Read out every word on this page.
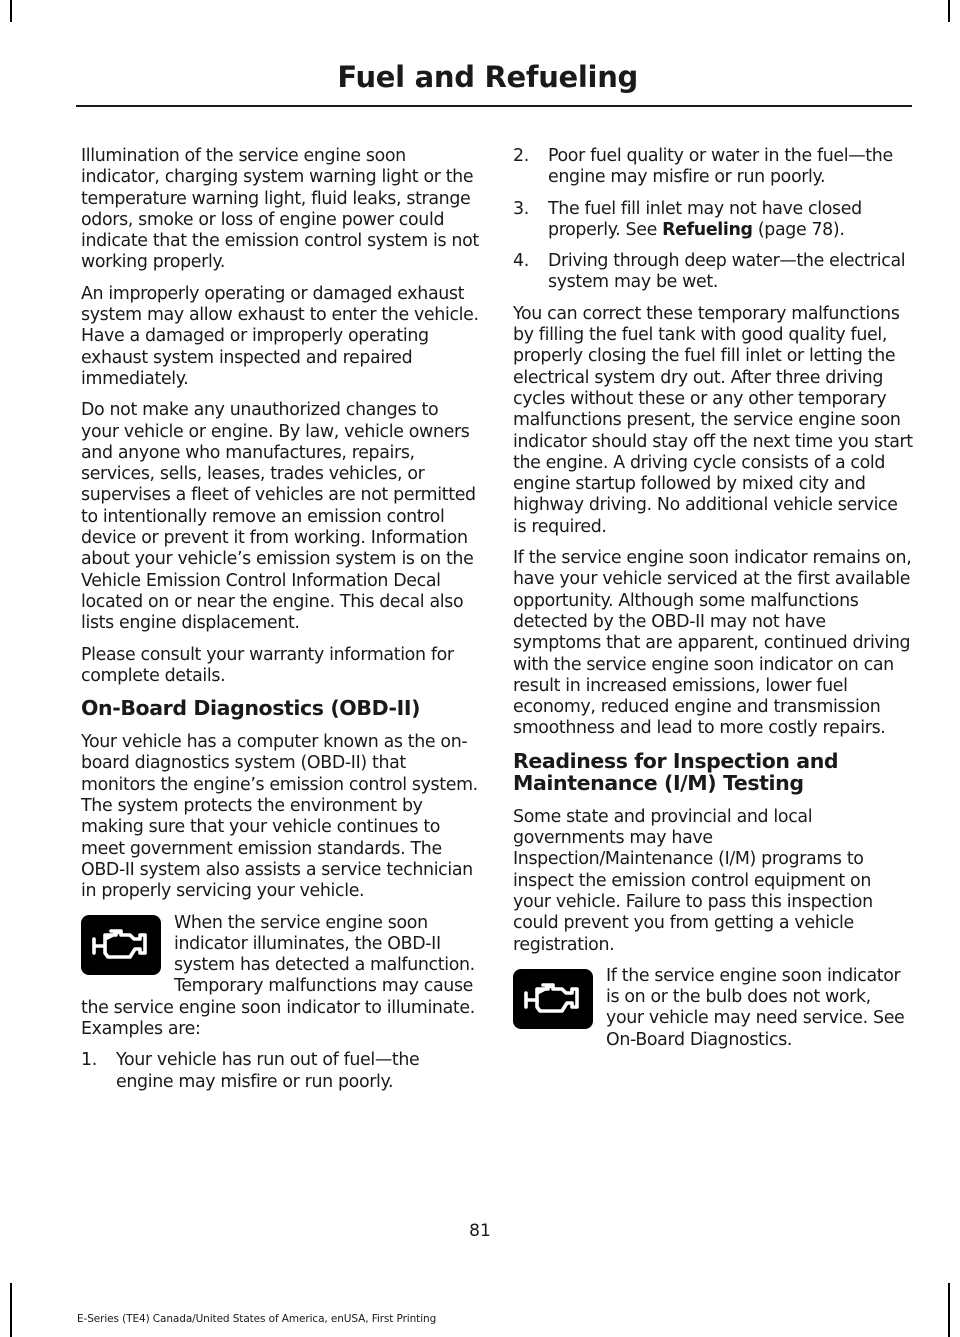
Fuel and Refueling

Illumination of the service engine soon indicator, charging system warning light or the temperature warning light, fluid leaks, strange odors, smoke or loss of engine power could indicate that the emission control system is not working properly.

An improperly operating or damaged exhaust system may allow exhaust to enter the vehicle. Have a damaged or improperly operating exhaust system inspected and repaired immediately.

Do not make any unauthorized changes to your vehicle or engine. By law, vehicle owners and anyone who manufactures, repairs, services, sells, leases, trades vehicles, or supervises a fleet of vehicles are not permitted to intentionally remove an emission control device or prevent it from working. Information about your vehicle’s emission system is on the Vehicle Emission Control Information Decal located on or near the engine. This decal also lists engine displacement.

Please consult your warranty information for complete details.

On-Board Diagnostics (OBD-II)

Your vehicle has a computer known as the on-board diagnostics system (OBD-II) that monitors the engine’s emission control system. The system protects the environment by making sure that your vehicle continues to meet government emission standards. The OBD-II system also assists a service technician in properly servicing your vehicle.

When the service engine soon indicator illuminates, the OBD-II system has detected a malfunction. Temporary malfunctions may cause the service engine soon indicator to illuminate. Examples are:
1.	Your vehicle has run out of fuel—the engine may misfire or run poorly.
2.	Poor fuel quality or water in the fuel—the engine may misfire or run poorly.
3.	The fuel fill inlet may not have closed properly. See Refueling (page 78).
4.	Driving through deep water—the electrical system may be wet.

You can correct these temporary malfunctions by filling the fuel tank with good quality fuel, properly closing the fuel fill inlet or letting the electrical system dry out. After three driving cycles without these or any other temporary malfunctions present, the service engine soon indicator should stay off the next time you start the engine. A driving cycle consists of a cold engine startup followed by mixed city and highway driving. No additional vehicle service is required.

If the service engine soon indicator remains on, have your vehicle serviced at the first available opportunity. Although some malfunctions detected by the OBD-II may not have symptoms that are apparent, continued driving with the service engine soon indicator on can result in increased emissions, lower fuel economy, reduced engine and transmission smoothness and lead to more costly repairs.

Readiness for Inspection and Maintenance (I/M) Testing

Some state and provincial and local governments may have Inspection/Maintenance (I/M) programs to inspect the emission control equipment on your vehicle. Failure to pass this inspection could prevent you from getting a vehicle registration.

If the service engine soon indicator is on or the bulb does not work, your vehicle may need service. See On-Board Diagnostics.
81
E-Series (TE4) Canada/United States of America, enUSA, First Printing
